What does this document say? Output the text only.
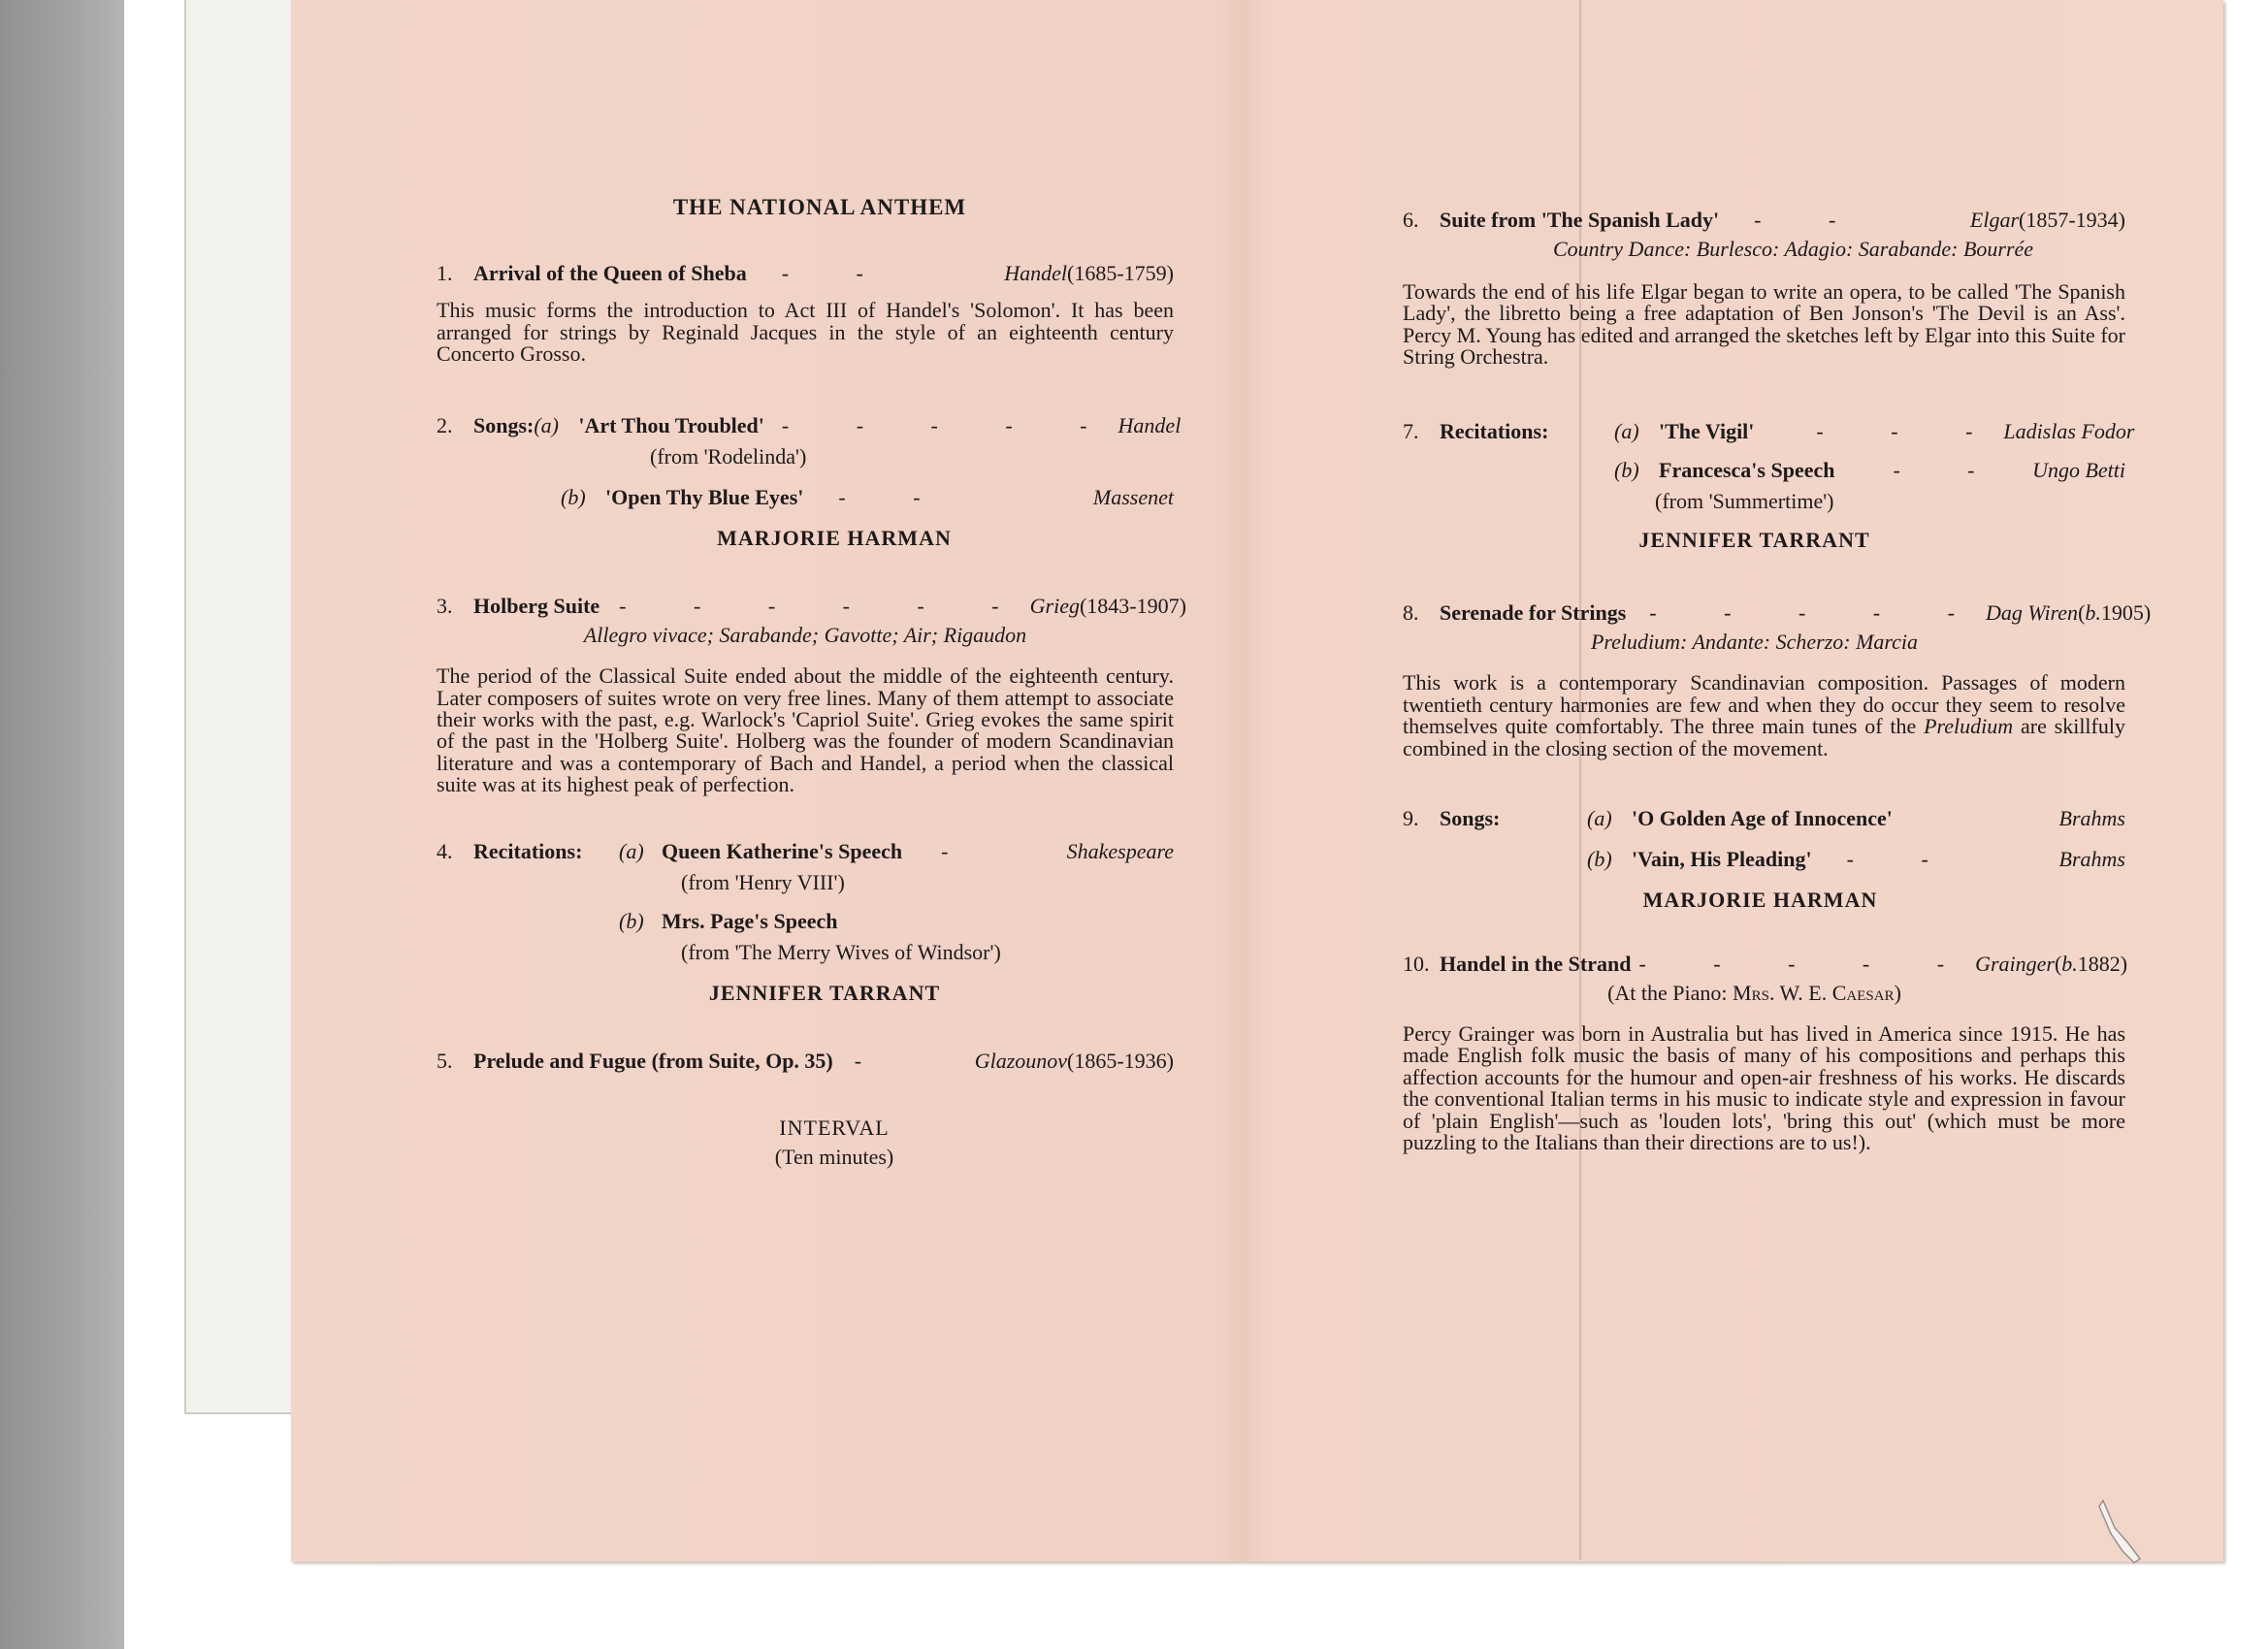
THE NATIONAL ANTHEM
1. Arrival of the Queen of Sheba - -	Handel (1685-1759)
This music forms the introduction to Act III of Handel's 'Solomon'. It has been arranged for strings by Reginald Jacques in the style of an eighteenth century Concerto Grosso.
2. Songs: (a) 'Art Thou Troubled' - - - - - Handel
(from 'Rodelinda')
(b) 'Open Thy Blue Eyes' - -	Massenet
MARJORIE HARMAN
3. Holberg Suite - - - - - - Grieg (1843-1907)
Allegro vivace; Sarabande; Gavotte; Air; Rigaudon
The period of the Classical Suite ended about the middle of the eighteenth century. Later composers of suites wrote on very free lines. Many of them attempt to associate their works with the past, e.g. Warlock's 'Capriol Suite'. Grieg evokes the same spirit of the past in the 'Holberg Suite'. Holberg was the founder of modern Scandinavian literature and was a contemporary of Bach and Handel, a period when the classical suite was at its highest peak of perfection.
4. Recitations:	(a) Queen Katherine's Speech -	Shakespeare
(from 'Henry VIII')
(b) Mrs. Page's Speech
(from 'The Merry Wives of Windsor')
JENNIFER TARRANT
5. Prelude and Fugue (from Suite, Op. 35) -	Glazounov (1865-1936)
INTERVAL
(Ten minutes)
6. Suite from 'The Spanish Lady' - -	Elgar (1857-1934)
Country Dance: Burlesco: Adagio: Sarabande: Bourrée
Towards the end of his life Elgar began to write an opera, to be called 'The Spanish Lady', the libretto being a free adaptation of Ben Jonson's 'The Devil is an Ass'. Percy M. Young has edited and arranged the sketches left by Elgar into this Suite for String Orchestra.
7. Recitations:	(a) 'The Vigil'	- - - Ladislas Fodor
(b) Francesca's Speech	- - Ungo Betti
(from 'Summertime')
JENNIFER TARRANT
8. Serenade for Strings - - - - - Dag Wiren ( b. 1905)
Preludium: Andante: Scherzo: Marcia
This work is a contemporary Scandinavian composition. Passages of modern twentieth century harmonies are few and when they do occur they seem to resolve themselves quite comfortably. The three main tunes of the Preludium are skillfuly combined in the closing section of the movement.
9. Songs:	(a) 'O Golden Age of Innocence'	Brahms
(b) 'Vain, His Pleading' - -	Brahms
MARJORIE HARMAN
10. Handel in the Strand - - - - - Grainger ( b. 1882)
(At the Piano: Mrs. W. E. Caesar)
Percy Grainger was born in Australia but has lived in America since 1915. He has made English folk music the basis of many of his compositions and perhaps this affection accounts for the humour and open-air freshness of his works. He discards the conventional Italian terms in his music to indicate style and expression in favour of 'plain English'—such as 'louden lots', 'bring this out' (which must be more puzzling to the Italians than their directions are to us!).
